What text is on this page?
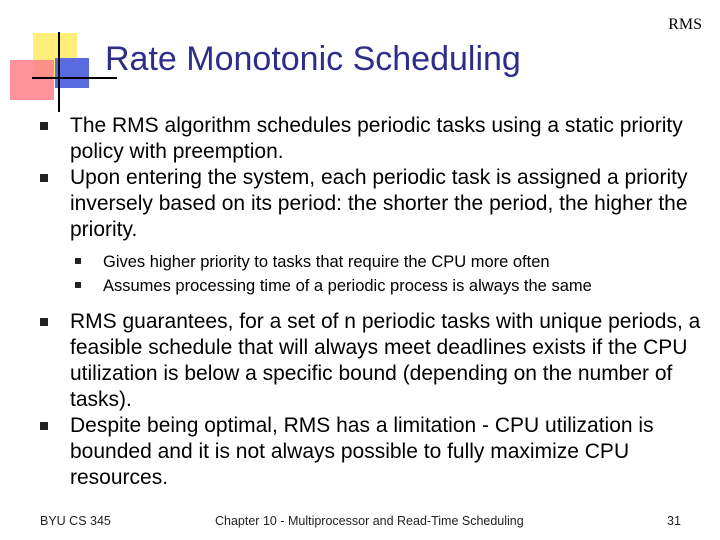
RMS
Rate Monotonic Scheduling
The RMS algorithm schedules periodic tasks using a static priority policy with preemption.
Upon entering the system, each periodic task is assigned a priority inversely based on its period: the shorter the period, the higher the priority.
Gives higher priority to tasks that require the CPU more often
Assumes processing time of a periodic process is always the same
RMS guarantees, for a set of n periodic tasks with unique periods, a feasible schedule that will always meet deadlines exists if the CPU utilization is below a specific bound (depending on the number of tasks).
Despite being optimal, RMS has a limitation - CPU utilization is bounded and it is not always possible to fully maximize CPU resources.
BYU CS 345	Chapter 10 - Multiprocessor and Read-Time Scheduling	31
